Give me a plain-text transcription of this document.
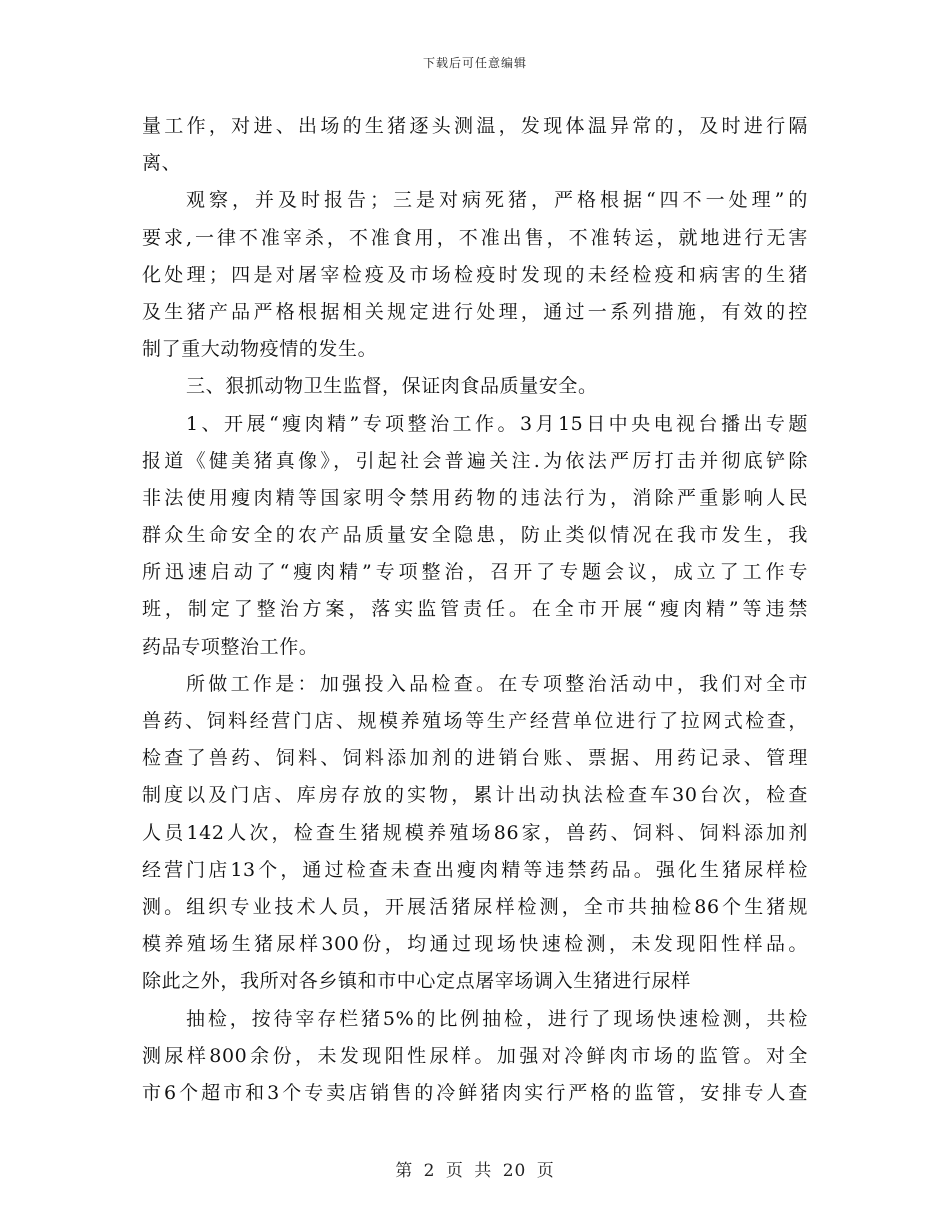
下载后可任意编辑
量工作，对进、出场的生猪逐头测温，发现体温异常的，及时进行隔
离、
观察，并及时报告；三是对病死猪，严格根据“四不一处理”的
要求,一律不准宰杀，不准食用，不准出售，不准转运，就地进行无害
化处理；四是对屠宰检疫及市场检疫时发现的未经检疫和病害的生猪
及生猪产品严格根据相关规定进行处理，通过一系列措施，有效的控
制了重大动物疫情的发生。
三、狠抓动物卫生监督，保证肉食品质量安全。
1、开展“瘦肉精”专项整治工作。3月15日中央电视台播出专题
报道《健美猪真像》，引起社会普遍关注.为依法严厉打击并彻底铲除
非法使用瘦肉精等国家明令禁用药物的违法行为，消除严重影响人民
群众生命安全的农产品质量安全隐患，防止类似情况在我市发生，我
所迅速启动了“瘦肉精”专项整治，召开了专题会议，成立了工作专
班，制定了整治方案，落实监管责任。在全市开展“瘦肉精”等违禁
药品专项整治工作。
所做工作是：加强投入品检查。在专项整治活动中，我们对全市
兽药、饲料经营门店、规模养殖场等生产经营单位进行了拉网式检查，
检查了兽药、饲料、饲料添加剂的进销台账、票据、用药记录、管理
制度以及门店、库房存放的实物，累计出动执法检查车30台次，检查
人员142人次，检查生猪规模养殖场86家，兽药、饲料、饲料添加剂
经营门店13个，通过检查未查出瘦肉精等违禁药品。强化生猪尿样检
测。组织专业技术人员，开展活猪尿样检测，全市共抽检86个生猪规
模养殖场生猪尿样300份，均通过现场快速检测，未发现阳性样品。
除此之外，我所对各乡镇和市中心定点屠宰场调入生猪进行尿样
抽检，按待宰存栏猪5%的比例抽检，进行了现场快速检测，共检
测尿样800余份，未发现阳性尿样。加强对冷鲜肉市场的监管。对全
市6个超市和3个专卖店销售的冷鲜猪肉实行严格的监管，安排专人查
第 2 页 共 20 页
